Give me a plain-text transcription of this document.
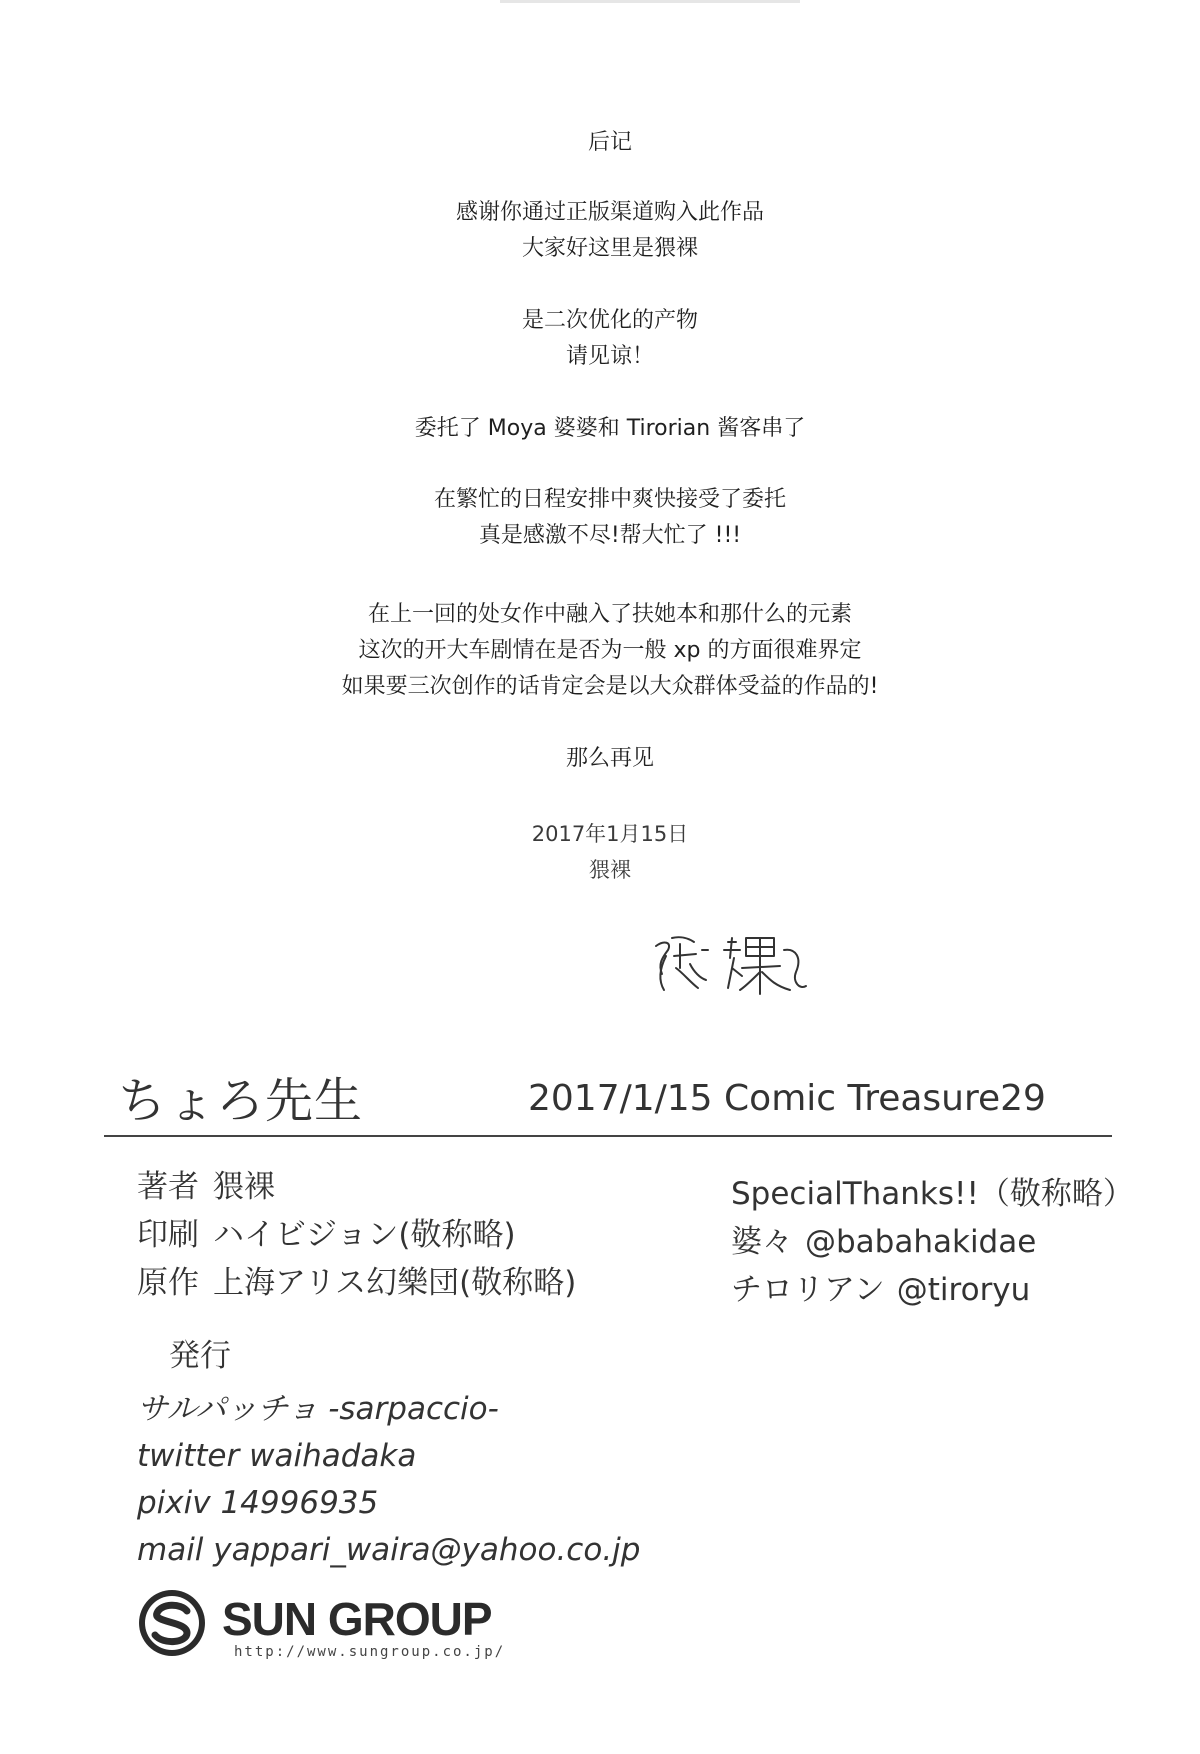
后记
感谢你通过正版渠道购入此作品
大家好这里是猥裸
是二次优化的产物
请见谅！
委托了 Moya 婆婆和 Tirorian 酱客串了
在繁忙的日程安排中爽快接受了委托
真是感激不尽!帮大忙了 !!!
在上一回的处女作中融入了扶她本和那什么的元素
这次的开大车剧情在是否为一般 xp 的方面很难界定
如果要三次创作的话肯定会是以大众群体受益的作品的!
那么再见
2017年1月15日
猥裸
ちょろ先生	2017/1/15 Comic Treasure29
著者 猥裸
印刷 ハイビジョン(敬称略)
原作 上海アリス幻樂団(敬称略)
SpecialThanks!!（敬称略）
婆々 @babahakidae
チロリアン @tiroryu
発行
サルパッチョ -sarpaccio-
twitter waihadaka
pixiv 14996935
mail yappari_waira@yahoo.co.jp
SUN GROUP
http://www.sungroup.co.jp/
